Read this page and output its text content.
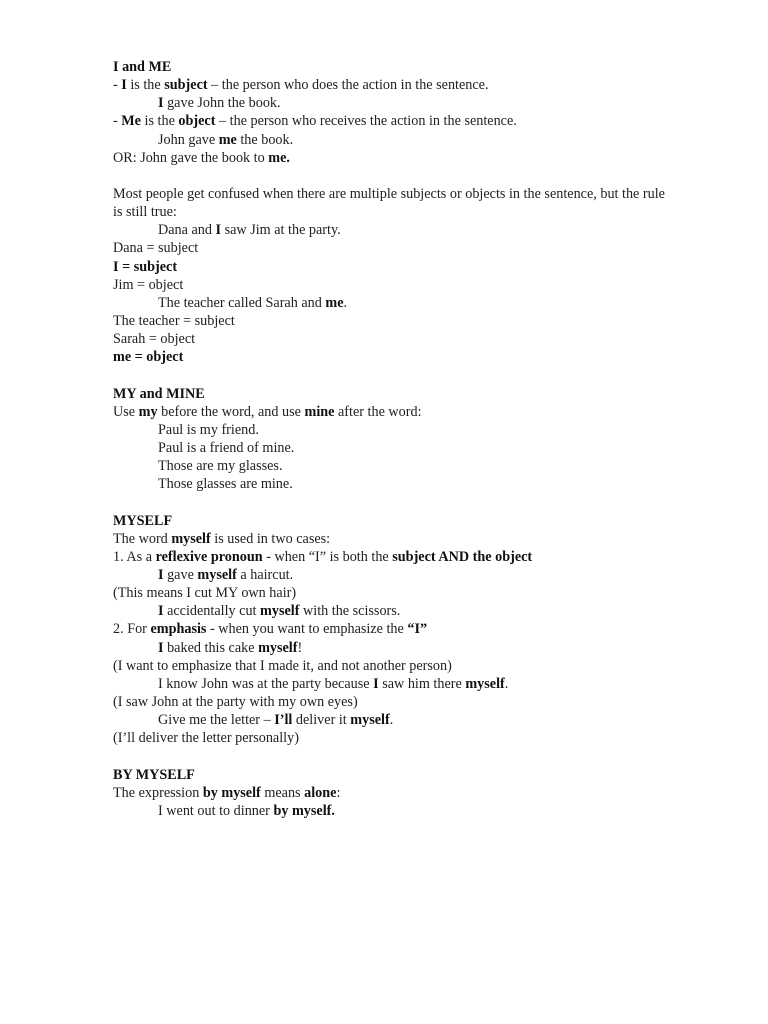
I and ME
- I is the subject – the person who does the action in the sentence.
I gave John the book.
- Me is the object – the person who receives the action in the sentence.
John gave me the book.
OR: John gave the book to me.
Most people get confused when there are multiple subjects or objects in the sentence, but the rule is still true:
Dana and I saw Jim at the party.
Dana = subject
I = subject
Jim = object
The teacher called Sarah and me.
The teacher = subject
Sarah = object
me = object
MY and MINE
Use my before the word, and use mine after the word:
Paul is my friend.
Paul is a friend of mine.
Those are my glasses.
Those glasses are mine.
MYSELF
The word myself is used in two cases:
1. As a reflexive pronoun - when “I” is both the subject AND the object
I gave myself a haircut.
(This means I cut MY own hair)
I accidentally cut myself with the scissors.
2. For emphasis - when you want to emphasize the “I”
I baked this cake myself!
(I want to emphasize that I made it, and not another person)
I know John was at the party because I saw him there myself.
(I saw John at the party with my own eyes)
Give me the letter – I’ll deliver it myself.
(I’ll deliver the letter personally)
BY MYSELF
The expression by myself means alone:
I went out to dinner by myself.
